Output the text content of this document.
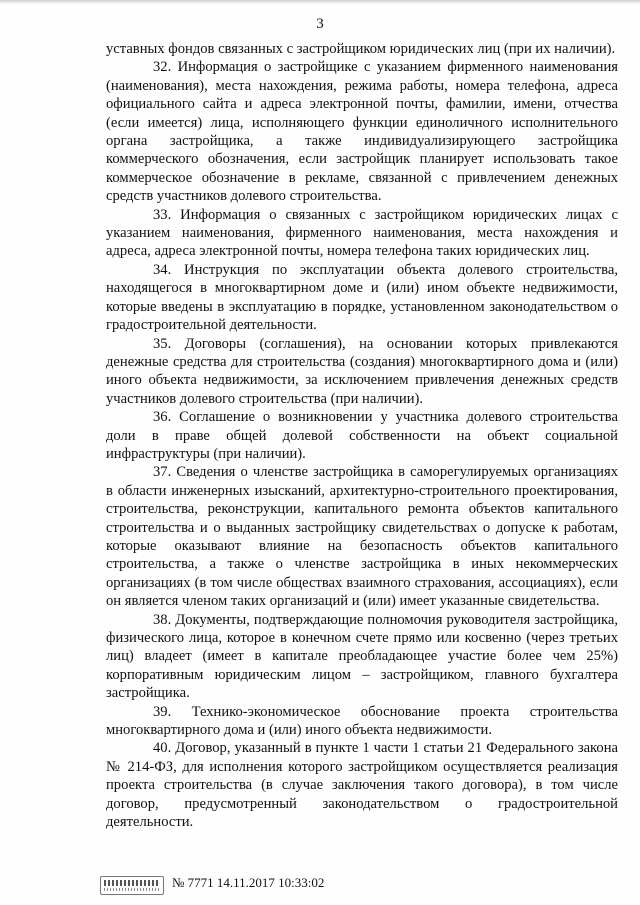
3

уставных фондов связанных с застройщиком юридических лиц (при их наличии).

32. Информация о застройщике с указанием фирменного наименования (наименования), места нахождения, режима работы, номера телефона, адреса официального сайта и адреса электронной почты, фамилии, имени, отчества (если имеется) лица, исполняющего функции единоличного исполнительного органа застройщика, а также индивидуализирующего застройщика коммерческого обозначения, если застройщик планирует использовать такое коммерческое обозначение в рекламе, связанной с привлечением денежных средств участников долевого строительства.

33. Информация о связанных с застройщиком юридических лицах с указанием наименования, фирменного наименования, места нахождения и адреса, адреса электронной почты, номера телефона таких юридических лиц.

34. Инструкция по эксплуатации объекта долевого строительства, находящегося в многоквартирном доме и (или) ином объекте недвижимости, которые введены в эксплуатацию в порядке, установленном законодательством о градостроительной деятельности.

35. Договоры (соглашения), на основании которых привлекаются денежные средства для строительства (создания) многоквартирного дома и (или) иного объекта недвижимости, за исключением привлечения денежных средств участников долевого строительства (при наличии).

36. Соглашение о возникновении у участника долевого строительства доли в праве общей долевой собственности на объект социальной инфраструктуры (при наличии).

37. Сведения о членстве застройщика в саморегулируемых организациях в области инженерных изысканий, архитектурно-строительного проектирования, строительства, реконструкции, капитального ремонта объектов капитального строительства и о выданных застройщику свидетельствах о допуске к работам, которые оказывают влияние на безопасность объектов капитального строительства, а также о членстве застройщика в иных некоммерческих организациях (в том числе обществах взаимного страхования, ассоциациях), если он является членом таких организаций и (или) имеет указанные свидетельства.

38. Документы, подтверждающие полномочия руководителя застройщика, физического лица, которое в конечном счете прямо или косвенно (через третьих лиц) владеет (имеет в капитале преобладающее участие более чем 25%) корпоративным юридическим лицом – застройщиком, главного бухгалтера застройщика.

39. Технико-экономическое обоснование проекта строительства многоквартирного дома и (или) иного объекта недвижимости.

40. Договор, указанный в пункте 1 части 1 статьи 21 Федерального закона № 214-ФЗ, для исполнения которого застройщиком осуществляется реализация проекта строительства (в случае заключения такого договора), в том числе договор, предусмотренный законодательством о градостроительной деятельности.

№ 7771 14.11.2017 10:33:02
